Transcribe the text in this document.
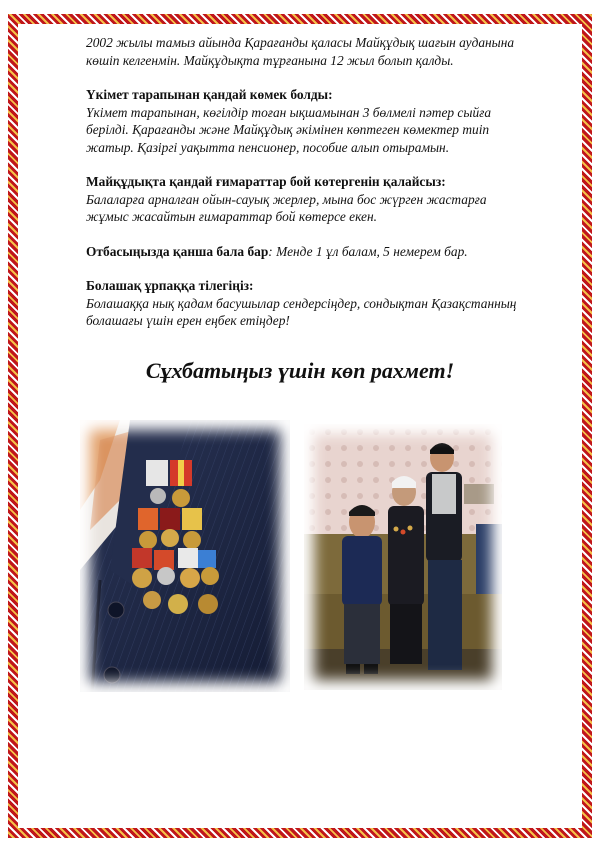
2002 жылы тамыз айында Қарағанды қаласы Майқұдық шағын ауданына көшіп келгенмін. Майқұдықта тұрғанына 12 жыл болып қалды.

Үкімет тарапынан қандай көмек болды:
Үкімет тарапынан, көгілдір тоған ықшамынан 3 бөлмелі пәтер сыйға берілді. Қарағанды және Майқұдық әкімінен көптеген көмектер тиіп жатыр. Қазіргі уақытта пенсионер, пособие алып отырамын.

Майқұдықта қандай ғимараттар бой көтергенін қалайсыз:
Балаларға арналған ойын-сауық жерлер, мына бос жүрген жастарға жұмыс жасайтын ғимараттар бой көтерсе екен.

Отбасыңызда қанша бала бар: Менде 1 ұл балам, 5 немерем бар.

Болашақ ұрпаққа тілегіңіз:
Болашаққа нық қадам басушылар сендерсіңдер, сондықтан Қазақстанның болашағы үшін ерен еңбек етіңдер!

Сұхбатыңыз үшін көп рахмет!
